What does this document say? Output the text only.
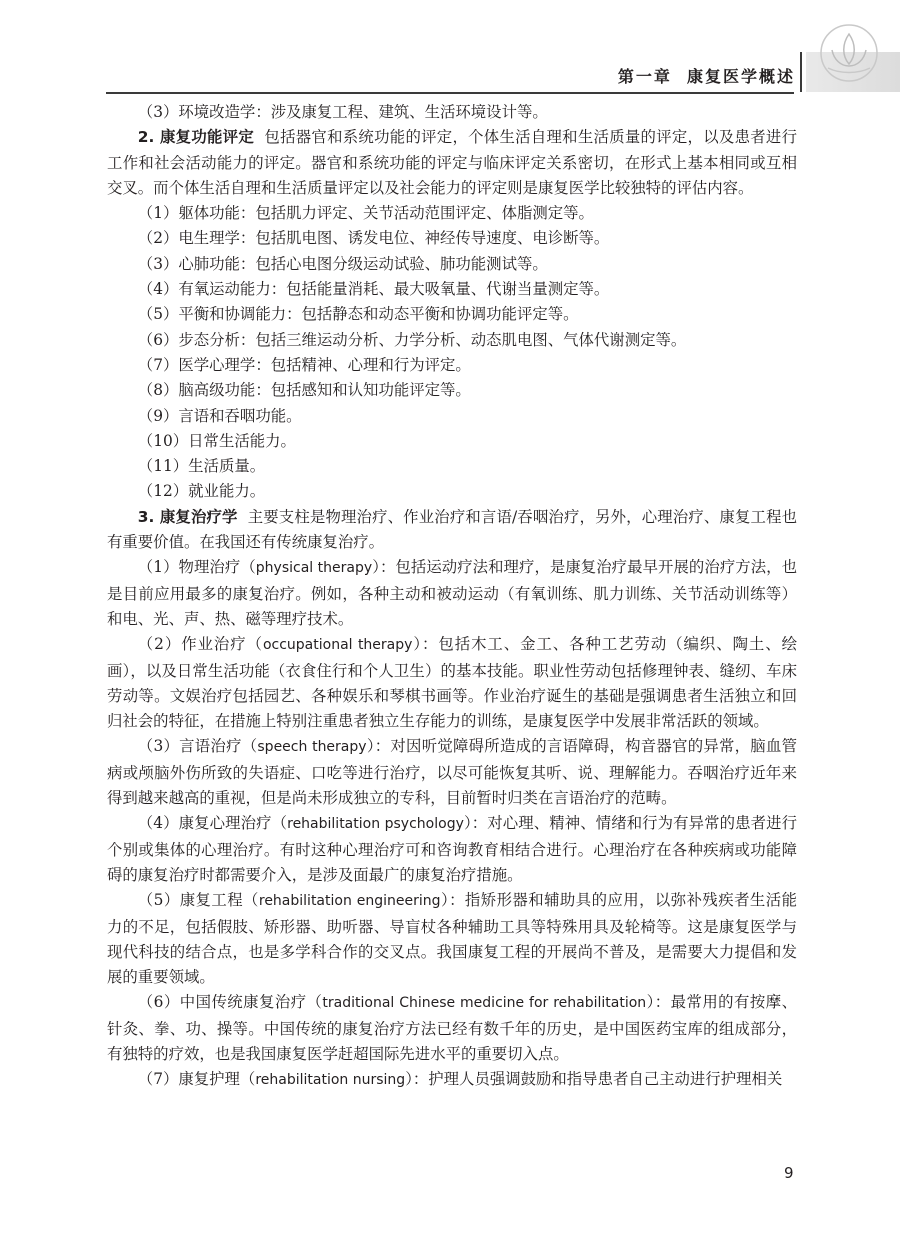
第一章 康复医学概述

（3）环境改造学：涉及康复工程、建筑、生活环境设计等。

2. 康复功能评定 包括器官和系统功能的评定，个体生活自理和生活质量的评定，以及患者进行工作和社会活动能力的评定。器官和系统功能的评定与临床评定关系密切，在形式上基本相同或互相交叉。而个体生活自理和生活质量评定以及社会能力的评定则是康复医学比较独特的评估内容。

（1）躯体功能：包括肌力评定、关节活动范围评定、体脂测定等。

（2）电生理学：包括肌电图、诱发电位、神经传导速度、电诊断等。

（3）心肺功能：包括心电图分级运动试验、肺功能测试等。

（4）有氧运动能力：包括能量消耗、最大吸氧量、代谢当量测定等。

（5）平衡和协调能力：包括静态和动态平衡和协调功能评定等。

（6）步态分析：包括三维运动分析、力学分析、动态肌电图、气体代谢测定等。

（7）医学心理学：包括精神、心理和行为评定。

（8）脑高级功能：包括感知和认知功能评定等。

（9）言语和吞咽功能。

（10）日常生活能力。

（11）生活质量。

（12）就业能力。

3. 康复治疗学 主要支柱是物理治疗、作业治疗和言语/吞咽治疗，另外，心理治疗、康复工程也有重要价值。在我国还有传统康复治疗。

（1）物理治疗（physical therapy）：包括运动疗法和理疗，是康复治疗最早开展的治疗方法，也是目前应用最多的康复治疗。例如，各种主动和被动运动（有氧训练、肌力训练、关节活动训练等）和电、光、声、热、磁等理疗技术。

（2）作业治疗（occupational therapy）：包括木工、金工、各种工艺劳动（编织、陶土、绘画），以及日常生活功能（衣食住行和个人卫生）的基本技能。职业性劳动包括修理钟表、缝纫、车床劳动等。文娱治疗包括园艺、各种娱乐和琴棋书画等。作业治疗诞生的基础是强调患者生活独立和回归社会的特征，在措施上特别注重患者独立生存能力的训练，是康复医学中发展非常活跃的领域。

（3）言语治疗（speech therapy）：对因听觉障碍所造成的言语障碍，构音器官的异常，脑血管病或颅脑外伤所致的失语症、口吃等进行治疗，以尽可能恢复其听、说、理解能力。吞咽治疗近年来得到越来越高的重视，但是尚未形成独立的专科，目前暂时归类在言语治疗的范畴。

（4）康复心理治疗（rehabilitation psychology）：对心理、精神、情绪和行为有异常的患者进行个别或集体的心理治疗。有时这种心理治疗可和咨询教育相结合进行。心理治疗在各种疾病或功能障碍的康复治疗时都需要介入，是涉及面最广的康复治疗措施。

（5）康复工程（rehabilitation engineering）：指矫形器和辅助具的应用，以弥补残疾者生活能力的不足，包括假肢、矫形器、助听器、导盲杖各种辅助工具等特殊用具及轮椅等。这是康复医学与现代科技的结合点，也是多学科合作的交叉点。我国康复工程的开展尚不普及，是需要大力提倡和发展的重要领域。

（6）中国传统康复治疗（traditional Chinese medicine for rehabilitation）：最常用的有按摩、针灸、拳、功、操等。中国传统的康复治疗方法已经有数千年的历史，是中国医药宝库的组成部分，有独特的疗效，也是我国康复医学赶超国际先进水平的重要切入点。

（7）康复护理（rehabilitation nursing）：护理人员强调鼓励和指导患者自己主动进行护理相关

9
